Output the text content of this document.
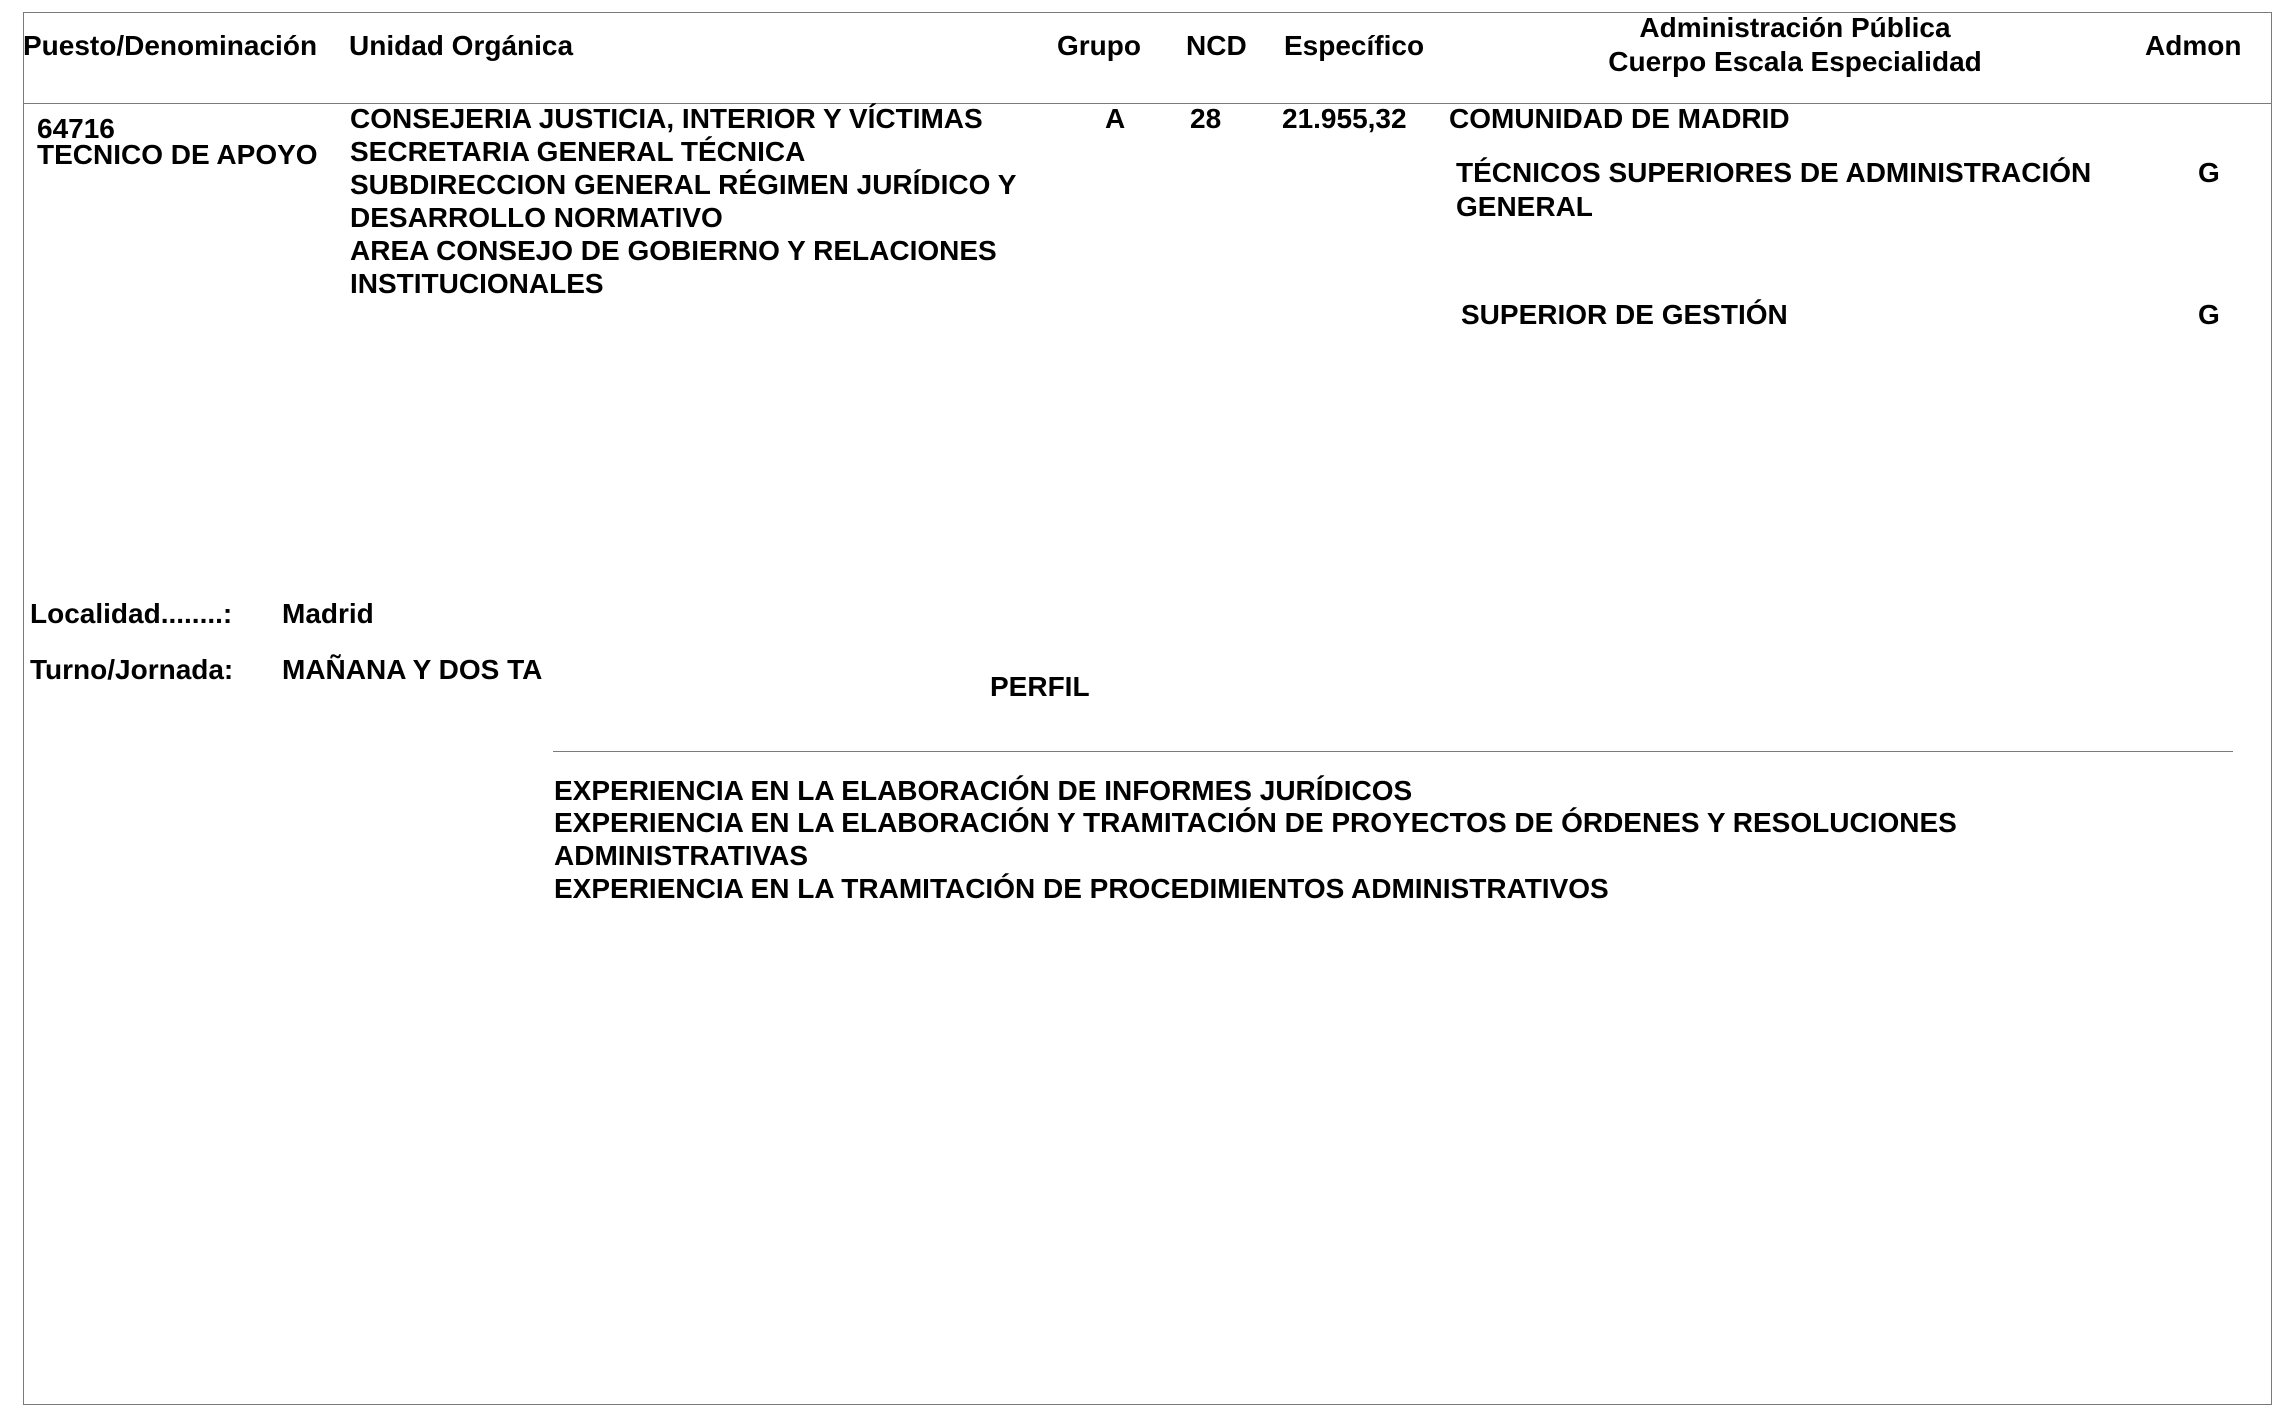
Puesto/Denominación Unidad Orgánica	Grupo NCD Específico
Administración Pública
Cuerpo Escala Especialidad
Admon
64716
TECNICO DE APOYO
CONSEJERIA JUSTICIA, INTERIOR Y VÍCTIMAS
SECRETARIA GENERAL TÉCNICA
SUBDIRECCION GENERAL RÉGIMEN JURÍDICO Y
DESARROLLO NORMATIVO
AREA CONSEJO DE GOBIERNO Y RELACIONES
INSTITUCIONALES
A 28 21.955,32 COMUNIDAD DE MADRID
TÉCNICOS SUPERIORES DE ADMINISTRACIÓN
GENERAL
G
SUPERIOR DE GESTIÓN	G
Localidad........: Madrid
Turno/Jornada: MAÑANA Y DOS TA
PERFIL
EXPERIENCIA EN LA ELABORACIÓN DE INFORMES JURÍDICOS
EXPERIENCIA EN LA ELABORACIÓN Y TRAMITACIÓN DE PROYECTOS DE ÓRDENES Y RESOLUCIONES
ADMINISTRATIVAS
EXPERIENCIA EN LA TRAMITACIÓN DE PROCEDIMIENTOS ADMINISTRATIVOS
